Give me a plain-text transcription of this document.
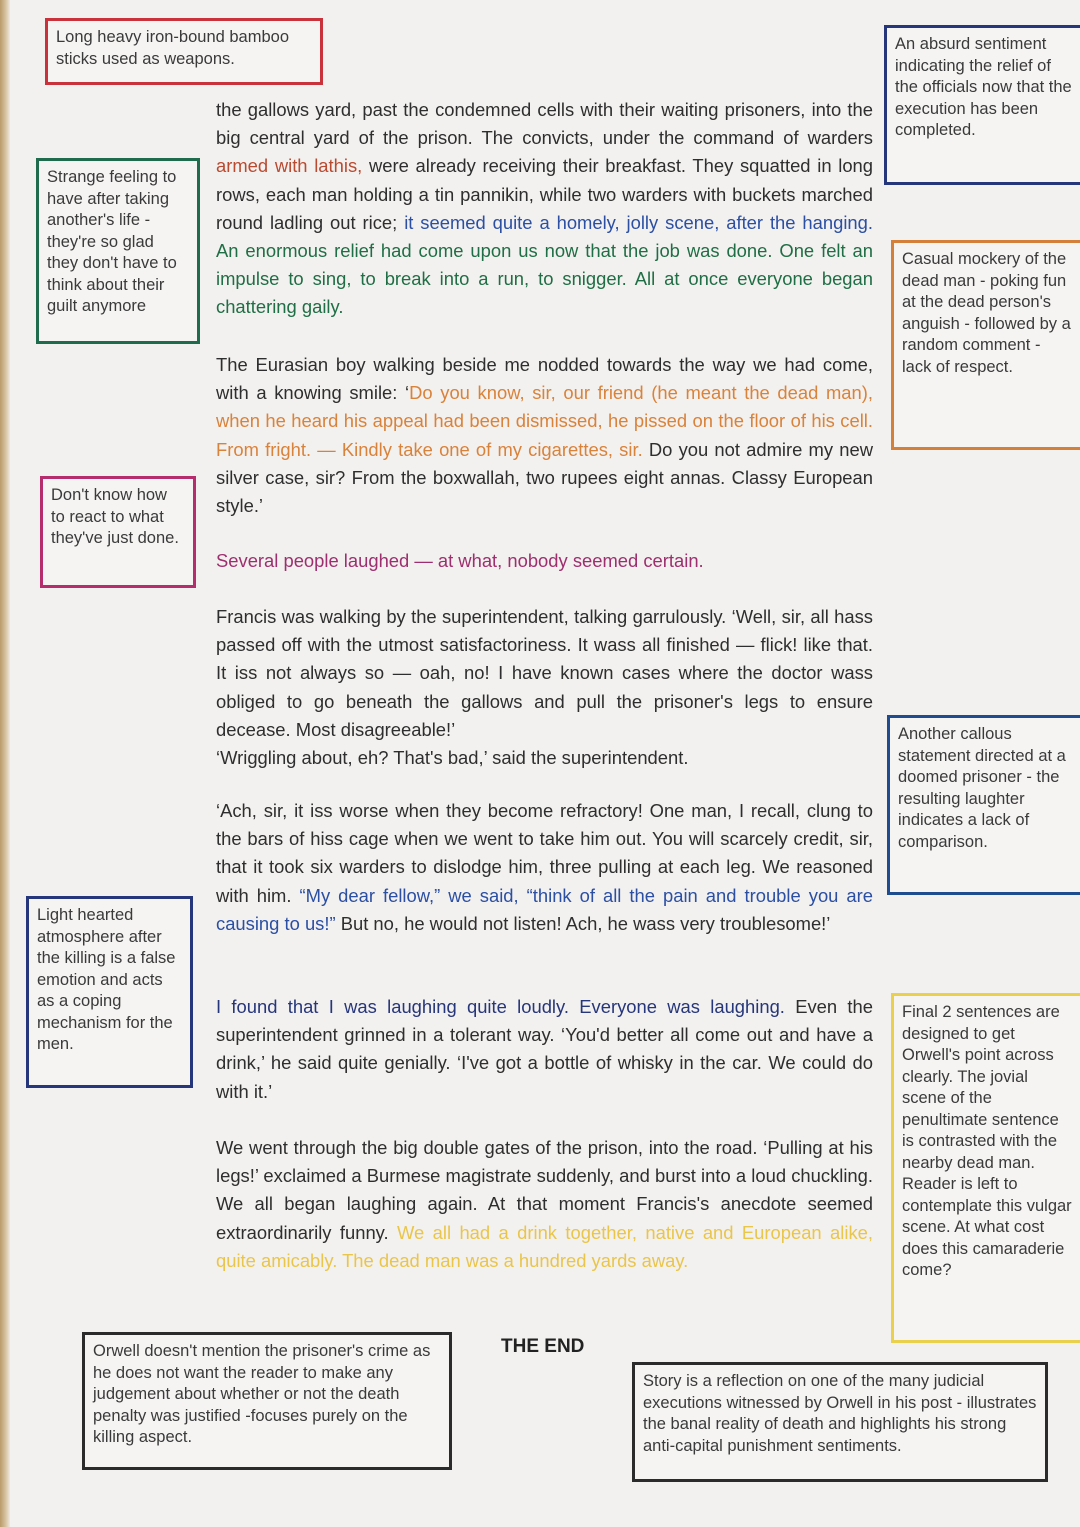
Long heavy iron-bound bamboo sticks used as weapons.
Strange feeling to have after taking another's life - they're so glad they don't have to think about their guilt anymore
Don't know how to react to what they've just done.
Light hearted atmosphere after the killing is a false emotion and acts as a coping mechanism for the men.
Orwell doesn't mention the prisoner's crime as he does not want the reader to make any judgement about whether or not the death penalty was justified -focuses purely on the killing aspect.
An absurd sentiment indicating the relief of the officials now that the execution has been completed.
Casual mockery of the dead man - poking fun at the dead person's anguish - followed by a random comment - lack of respect.
Another callous statement directed at a doomed prisoner - the resulting laughter indicates a lack of comparison.
Final 2 sentences are designed to get Orwell's point across clearly. The jovial scene of the penultimate sentence is contrasted with the nearby dead man. Reader is left to contemplate this vulgar scene. At what cost does this camaraderie come?
Story is a reflection on one of the many judicial executions witnessed by Orwell in his post - illustrates the banal reality of death and highlights his strong anti-capital punishment sentiments.

the gallows yard, past the condemned cells with their waiting prisoners, into the big central yard of the prison. The convicts, under the command of warders armed with lathis, were already receiving their breakfast. They squatted in long rows, each man holding a tin pannikin, while two warders with buckets marched round ladling out rice; it seemed quite a homely, jolly scene, after the hanging. An enormous relief had come upon us now that the job was done. One felt an impulse to sing, to break into a run, to snigger. All at once everyone began chattering gaily.

The Eurasian boy walking beside me nodded towards the way we had come, with a knowing smile: ‘Do you know, sir, our friend (he meant the dead man), when he heard his appeal had been dismissed, he pissed on the floor of his cell. From fright. — Kindly take one of my cigarettes, sir. Do you not admire my new silver case, sir? From the boxwallah, two rupees eight annas. Classy European style.’

Several people laughed — at what, nobody seemed certain.

Francis was walking by the superintendent, talking garrulously. ‘Well, sir, all hass passed off with the utmost satisfactoriness. It wass all finished — flick! like that. It iss not always so — oah, no! I have known cases where the doctor wass obliged to go beneath the gallows and pull the prisoner's legs to ensure decease. Most disagreeable!’

‘Wriggling about, eh? That's bad,’ said the superintendent.

‘Ach, sir, it iss worse when they become refractory! One man, I recall, clung to the bars of hiss cage when we went to take him out. You will scarcely credit, sir, that it took six warders to dislodge him, three pulling at each leg. We reasoned with him. “My dear fellow,” we said, “think of all the pain and trouble you are causing to us!” But no, he would not listen! Ach, he wass very troublesome!’

I found that I was laughing quite loudly. Everyone was laughing. Even the superintendent grinned in a tolerant way. ‘You'd better all come out and have a drink,’ he said quite genially. ‘I've got a bottle of whisky in the car. We could do with it.’

We went through the big double gates of the prison, into the road. ‘Pulling at his legs!’ exclaimed a Burmese magistrate suddenly, and burst into a loud chuckling. We all began laughing again. At that moment Francis's anecdote seemed extraordinarily funny. We all had a drink together, native and European alike, quite amicably. The dead man was a hundred yards away.

THE END
